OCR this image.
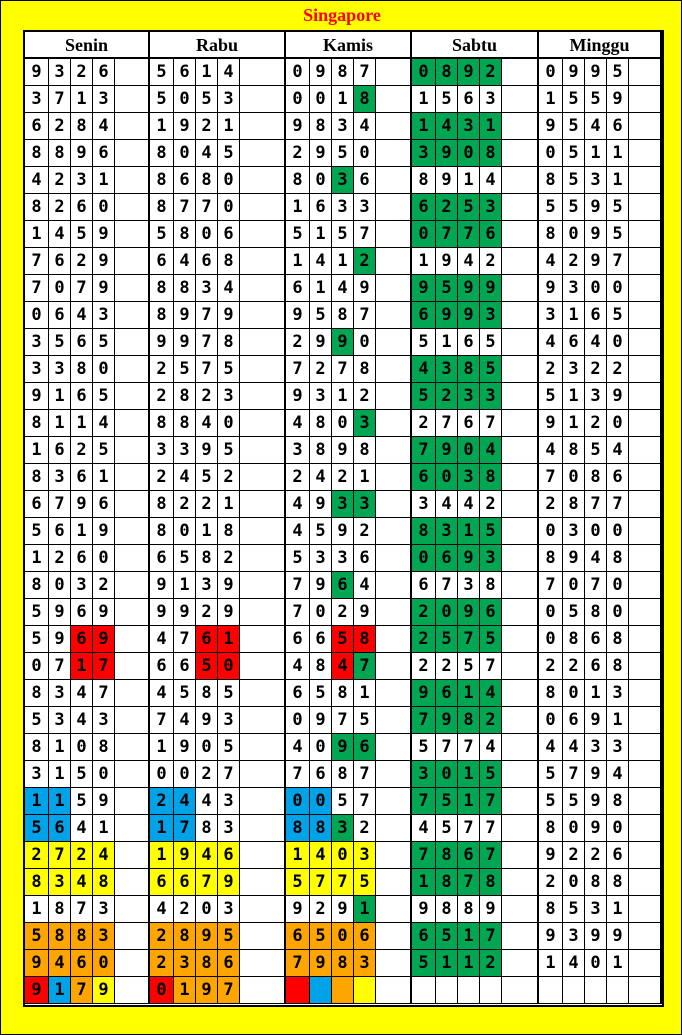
Singapore
Senin	Rabu	Kamis	Sabtu	Minggu
9 3 2 6	5 6 1 4	0 9 8 7	0 8 9 2	0 9 9 5
3 7 1 3	5 0 5 3	0 0 1 8	1 5 6 3	1 5 5 9
6 2 8 4	1 9 2 1	9 8 3 4	1 4 3 1	9 5 4 6
8 8 9 6	8 0 4 5	2 9 5 0	3 9 0 8	0 5 1 1
4 2 3 1	8 6 8 0	8 0 3 6	8 9 1 4	8 5 3 1
8 2 6 0	8 7 7 0	1 6 3 3	6 2 5 3	5 5 9 5
1 4 5 9	5 8 0 6	5 1 5 7	0 7 7 6	8 0 9 5
7 6 2 9	6 4 6 8	1 4 1 2	1 9 4 2	4 2 9 7
7 0 7 9	8 8 3 4	6 1 4 9	9 5 9 9	9 3 0 0
0 6 4 3	8 9 7 9	9 5 8 7	6 9 9 3	3 1 6 5
3 5 6 5	9 9 7 8	2 9 9 0	5 1 6 5	4 6 4 0
3 3 8 0	2 5 7 5	7 2 7 8	4 3 8 5	2 3 2 2
9 1 6 5	2 8 2 3	9 3 1 2	5 2 3 3	5 1 3 9
8 1 1 4	8 8 4 0	4 8 0 3	2 7 6 7	9 1 2 0
1 6 2 5	3 3 9 5	3 8 9 8	7 9 0 4	4 8 5 4
8 3 6 1	2 4 5 2	2 4 2 1	6 0 3 8	7 0 8 6
6 7 9 6	8 2 2 1	4 9 3 3	3 4 4 2	2 8 7 7
5 6 1 9	8 0 1 8	4 5 9 2	8 3 1 5	0 3 0 0
1 2 6 0	6 5 8 2	5 3 3 6	0 6 9 3	8 9 4 8
8 0 3 2	9 1 3 9	7 9 6 4	6 7 3 8	7 0 7 0
5 9 6 9	9 9 2 9	7 0 2 9	2 0 9 6	0 5 8 0
5 9 6 9	4 7 6 1	6 6 5 8	2 5 7 5	0 8 6 8
0 7 1 7	6 6 5 0	4 8 4 7	2 2 5 7	2 2 6 8
8 3 4 7	4 5 8 5	6 5 8 1	9 6 1 4	8 0 1 3
5 3 4 3	7 4 9 3	0 9 7 5	7 9 8 2	0 6 9 1
8 1 0 8	1 9 0 5	4 0 9 6	5 7 7 4	4 4 3 3
3 1 5 0	0 0 2 7	7 6 8 7	3 0 1 5	5 7 9 4
1 1 5 9	2 4 4 3	0 0 5 7	7 5 1 7	5 5 9 8
5 6 4 1	1 7 8 3	8 8 3 2	4 5 7 7	8 0 9 0
2 7 2 4	1 9 4 6	1 4 0 3	7 8 6 7	9 2 2 6
8 3 4 8	6 6 7 9	5 7 7 5	1 8 7 8	2 0 8 8
1 8 7 3	4 2 0 3	9 2 9 1	9 8 8 9	8 5 3 1
5 8 8 3	2 8 9 5	6 5 0 6	6 5 1 7	9 3 9 9
9 4 6 0	2 3 8 6	7 9 8 3	5 1 1 2	1 4 0 1
9 1 7 9	0 1 9 7
